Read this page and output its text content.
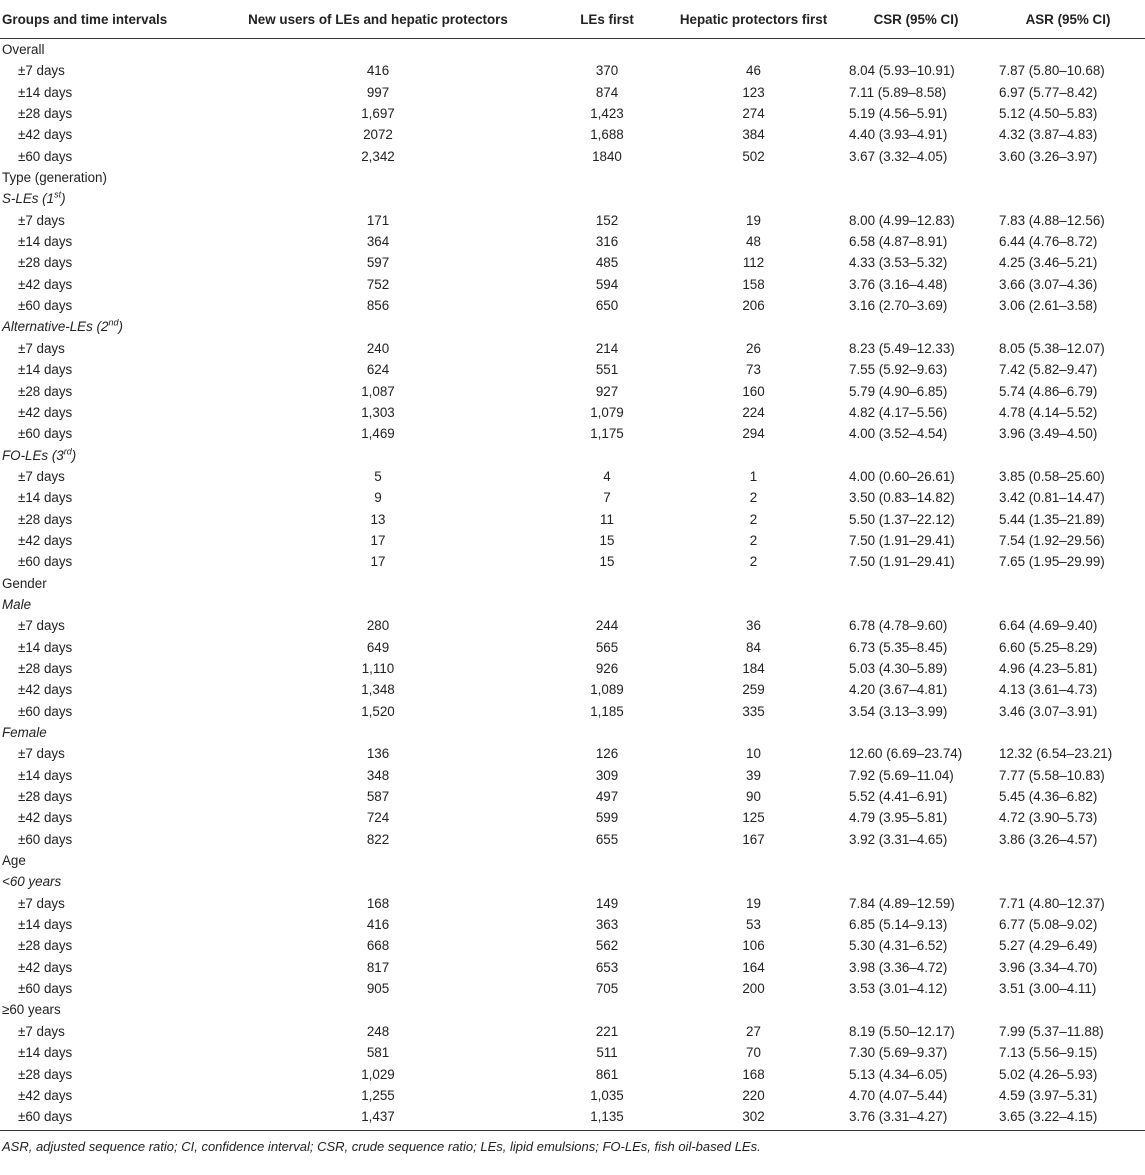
Groups and time intervals	New users of LEs and hepatic protectors	LEs first	Hepatic protectors first	CSR (95% CI)	ASR (95% CI)
Overall					
±7 days	416	370	46	8.04 (5.93–10.91)	7.87 (5.80–10.68)
±14 days	997	874	123	7.11 (5.89–8.58)	6.97 (5.77–8.42)
±28 days	1,697	1,423	274	5.19 (4.56–5.91)	5.12 (4.50–5.83)
±42 days	2072	1,688	384	4.40 (3.93–4.91)	4.32 (3.87–4.83)
±60 days	2,342	1840	502	3.67 (3.32–4.05)	3.60 (3.26–3.97)
Type (generation)					
S-LEs (1st)					
±7 days	171	152	19	8.00 (4.99–12.83)	7.83 (4.88–12.56)
±14 days	364	316	48	6.58 (4.87–8.91)	6.44 (4.76–8.72)
±28 days	597	485	112	4.33 (3.53–5.32)	4.25 (3.46–5.21)
±42 days	752	594	158	3.76 (3.16–4.48)	3.66 (3.07–4.36)
±60 days	856	650	206	3.16 (2.70–3.69)	3.06 (2.61–3.58)
Alternative-LEs (2nd)					
±7 days	240	214	26	8.23 (5.49–12.33)	8.05 (5.38–12.07)
±14 days	624	551	73	7.55 (5.92–9.63)	7.42 (5.82–9.47)
±28 days	1,087	927	160	5.79 (4.90–6.85)	5.74 (4.86–6.79)
±42 days	1,303	1,079	224	4.82 (4.17–5.56)	4.78 (4.14–5.52)
±60 days	1,469	1,175	294	4.00 (3.52–4.54)	3.96 (3.49–4.50)
FO-LEs (3rd)					
±7 days	5	4	1	4.00 (0.60–26.61)	3.85 (0.58–25.60)
±14 days	9	7	2	3.50 (0.83–14.82)	3.42 (0.81–14.47)
±28 days	13	11	2	5.50 (1.37–22.12)	5.44 (1.35–21.89)
±42 days	17	15	2	7.50 (1.91–29.41)	7.54 (1.92–29.56)
±60 days	17	15	2	7.50 (1.91–29.41)	7.65 (1.95–29.99)
Gender					
Male					
±7 days	280	244	36	6.78 (4.78–9.60)	6.64 (4.69–9.40)
±14 days	649	565	84	6.73 (5.35–8.45)	6.60 (5.25–8.29)
±28 days	1,110	926	184	5.03 (4.30–5.89)	4.96 (4.23–5.81)
±42 days	1,348	1,089	259	4.20 (3.67–4.81)	4.13 (3.61–4.73)
±60 days	1,520	1,185	335	3.54 (3.13–3.99)	3.46 (3.07–3.91)
Female					
±7 days	136	126	10	12.60 (6.69–23.74)	12.32 (6.54–23.21)
±14 days	348	309	39	7.92 (5.69–11.04)	7.77 (5.58–10.83)
±28 days	587	497	90	5.52 (4.41–6.91)	5.45 (4.36–6.82)
±42 days	724	599	125	4.79 (3.95–5.81)	4.72 (3.90–5.73)
±60 days	822	655	167	3.92 (3.31–4.65)	3.86 (3.26–4.57)
Age					
<60 years					
±7 days	168	149	19	7.84 (4.89–12.59)	7.71 (4.80–12.37)
±14 days	416	363	53	6.85 (5.14–9.13)	6.77 (5.08–9.02)
±28 days	668	562	106	5.30 (4.31–6.52)	5.27 (4.29–6.49)
±42 days	817	653	164	3.98 (3.36–4.72)	3.96 (3.34–4.70)
±60 days	905	705	200	3.53 (3.01–4.12)	3.51 (3.00–4.11)
≥60 years					
±7 days	248	221	27	8.19 (5.50–12.17)	7.99 (5.37–11.88)
±14 days	581	511	70	7.30 (5.69–9.37)	7.13 (5.56–9.15)
±28 days	1,029	861	168	5.13 (4.34–6.05)	5.02 (4.26–5.93)
±42 days	1,255	1,035	220	4.70 (4.07–5.44)	4.59 (3.97–5.31)
±60 days	1,437	1,135	302	3.76 (3.31–4.27)	3.65 (3.22–4.15)
ASR, adjusted sequence ratio; CI, confidence interval; CSR, crude sequence ratio; LEs, lipid emulsions; FO-LEs, fish oil-based LEs.
